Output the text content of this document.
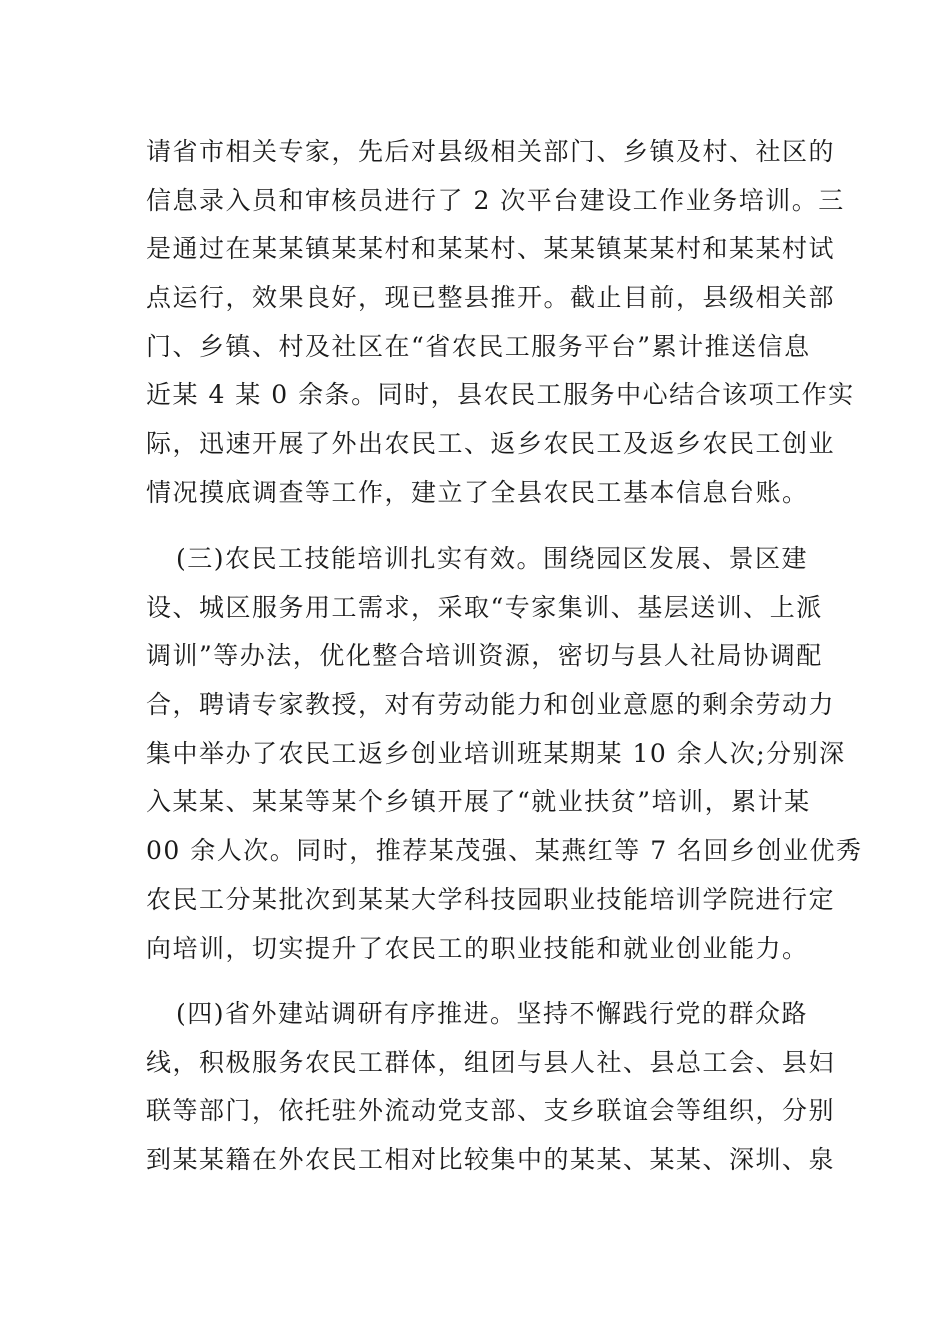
请省市相关专家，先后对县级相关部门、乡镇及村、社区的
信息录入员和审核员进行了 2 次平台建设工作业务培训。三
是通过在某某镇某某村和某某村、某某镇某某村和某某村试
点运行，效果良好，现已整县推开。截止目前，县级相关部
门、乡镇、村及社区在“省农民工服务平台”累计推送信息
近某 4 某 0 余条。同时，县农民工服务中心结合该项工作实
际，迅速开展了外出农民工、返乡农民工及返乡农民工创业
情况摸底调查等工作，建立了全县农民工基本信息台账。
(三)农民工技能培训扎实有效。围绕园区发展、景区建
设、城区服务用工需求，采取“专家集训、基层送训、上派
调训”等办法，优化整合培训资源，密切与县人社局协调配
合，聘请专家教授，对有劳动能力和创业意愿的剩余劳动力
集中举办了农民工返乡创业培训班某期某 10 余人次;分别深
入某某、某某等某个乡镇开展了“就业扶贫”培训，累计某
00 余人次。同时，推荐某茂强、某燕红等 7 名回乡创业优秀
农民工分某批次到某某大学科技园职业技能培训学院进行定
向培训，切实提升了农民工的职业技能和就业创业能力。
(四)省外建站调研有序推进。坚持不懈践行党的群众路
线，积极服务农民工群体，组团与县人社、县总工会、县妇
联等部门，依托驻外流动党支部、支乡联谊会等组织，分别
到某某籍在外农民工相对比较集中的某某、某某、深圳、泉
